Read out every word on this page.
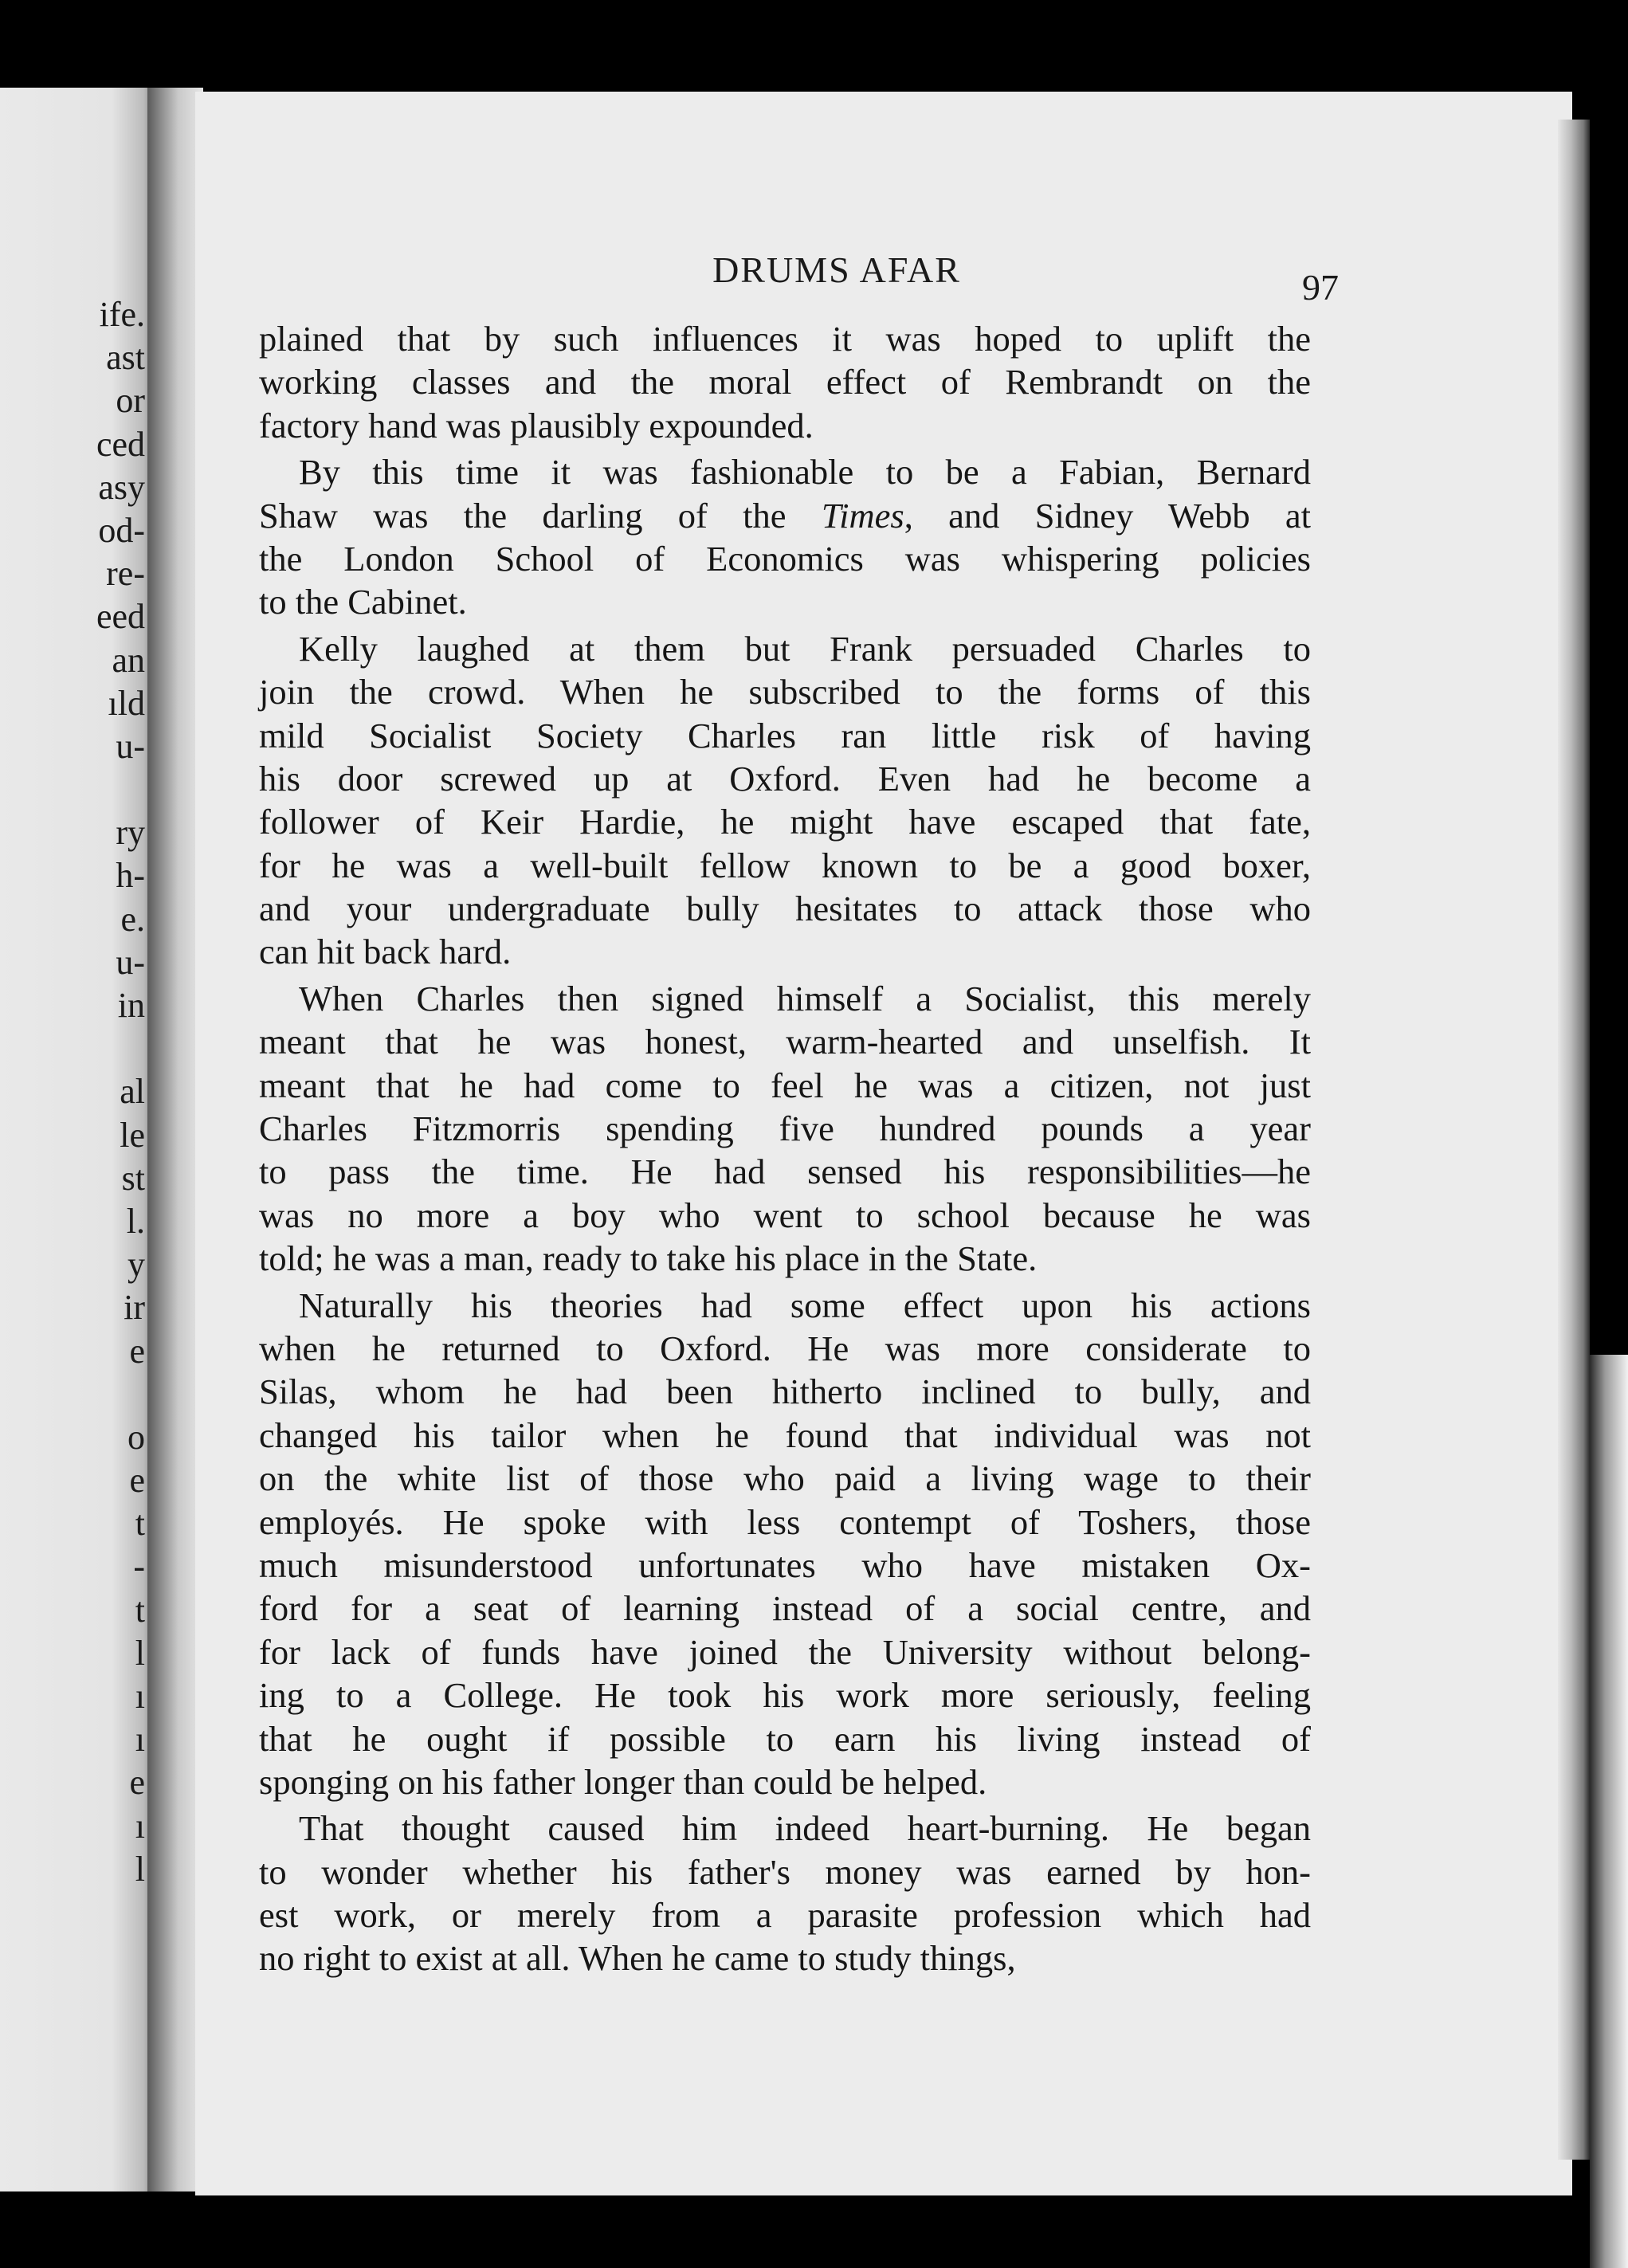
ife.
ast
or
ced
asy
od-
re-
eed
an
ıld
u-
ry
h-
e.
u-
in
al
le
st
l.
y
ir
e
o
e
t
-
t
l
ı
ı
e
ı
l
DRUMS AFAR	97
plained that by such influences it was hoped to uplift the
working classes and the moral effect of Rembrandt on the
factory hand was plausibly expounded.
By this time it was fashionable to be a Fabian, Bernard
Shaw was the darling of the Times, and Sidney Webb at
the London School of Economics was whispering policies
to the Cabinet.
Kelly laughed at them but Frank persuaded Charles to
join the crowd. When he subscribed to the forms of this
mild Socialist Society Charles ran little risk of having
his door screwed up at Oxford. Even had he become a
follower of Keir Hardie, he might have escaped that fate,
for he was a well-built fellow known to be a good boxer,
and your undergraduate bully hesitates to attack those who
can hit back hard.
When Charles then signed himself a Socialist, this merely
meant that he was honest, warm-hearted and unselfish. It
meant that he had come to feel he was a citizen, not just
Charles Fitzmorris spending five hundred pounds a year
to pass the time. He had sensed his responsibilities—he
was no more a boy who went to school because he was
told; he was a man, ready to take his place in the State.
Naturally his theories had some effect upon his actions
when he returned to Oxford. He was more considerate to
Silas, whom he had been hitherto inclined to bully, and
changed his tailor when he found that individual was not
on the white list of those who paid a living wage to their
employés. He spoke with less contempt of Toshers, those
much misunderstood unfortunates who have mistaken Ox-
ford for a seat of learning instead of a social centre, and
for lack of funds have joined the University without belong-
ing to a College. He took his work more seriously, feeling
that he ought if possible to earn his living instead of
sponging on his father longer than could be helped.
That thought caused him indeed heart-burning. He began
to wonder whether his father's money was earned by hon-
est work, or merely from a parasite profession which had
no right to exist at all. When he came to study things,
